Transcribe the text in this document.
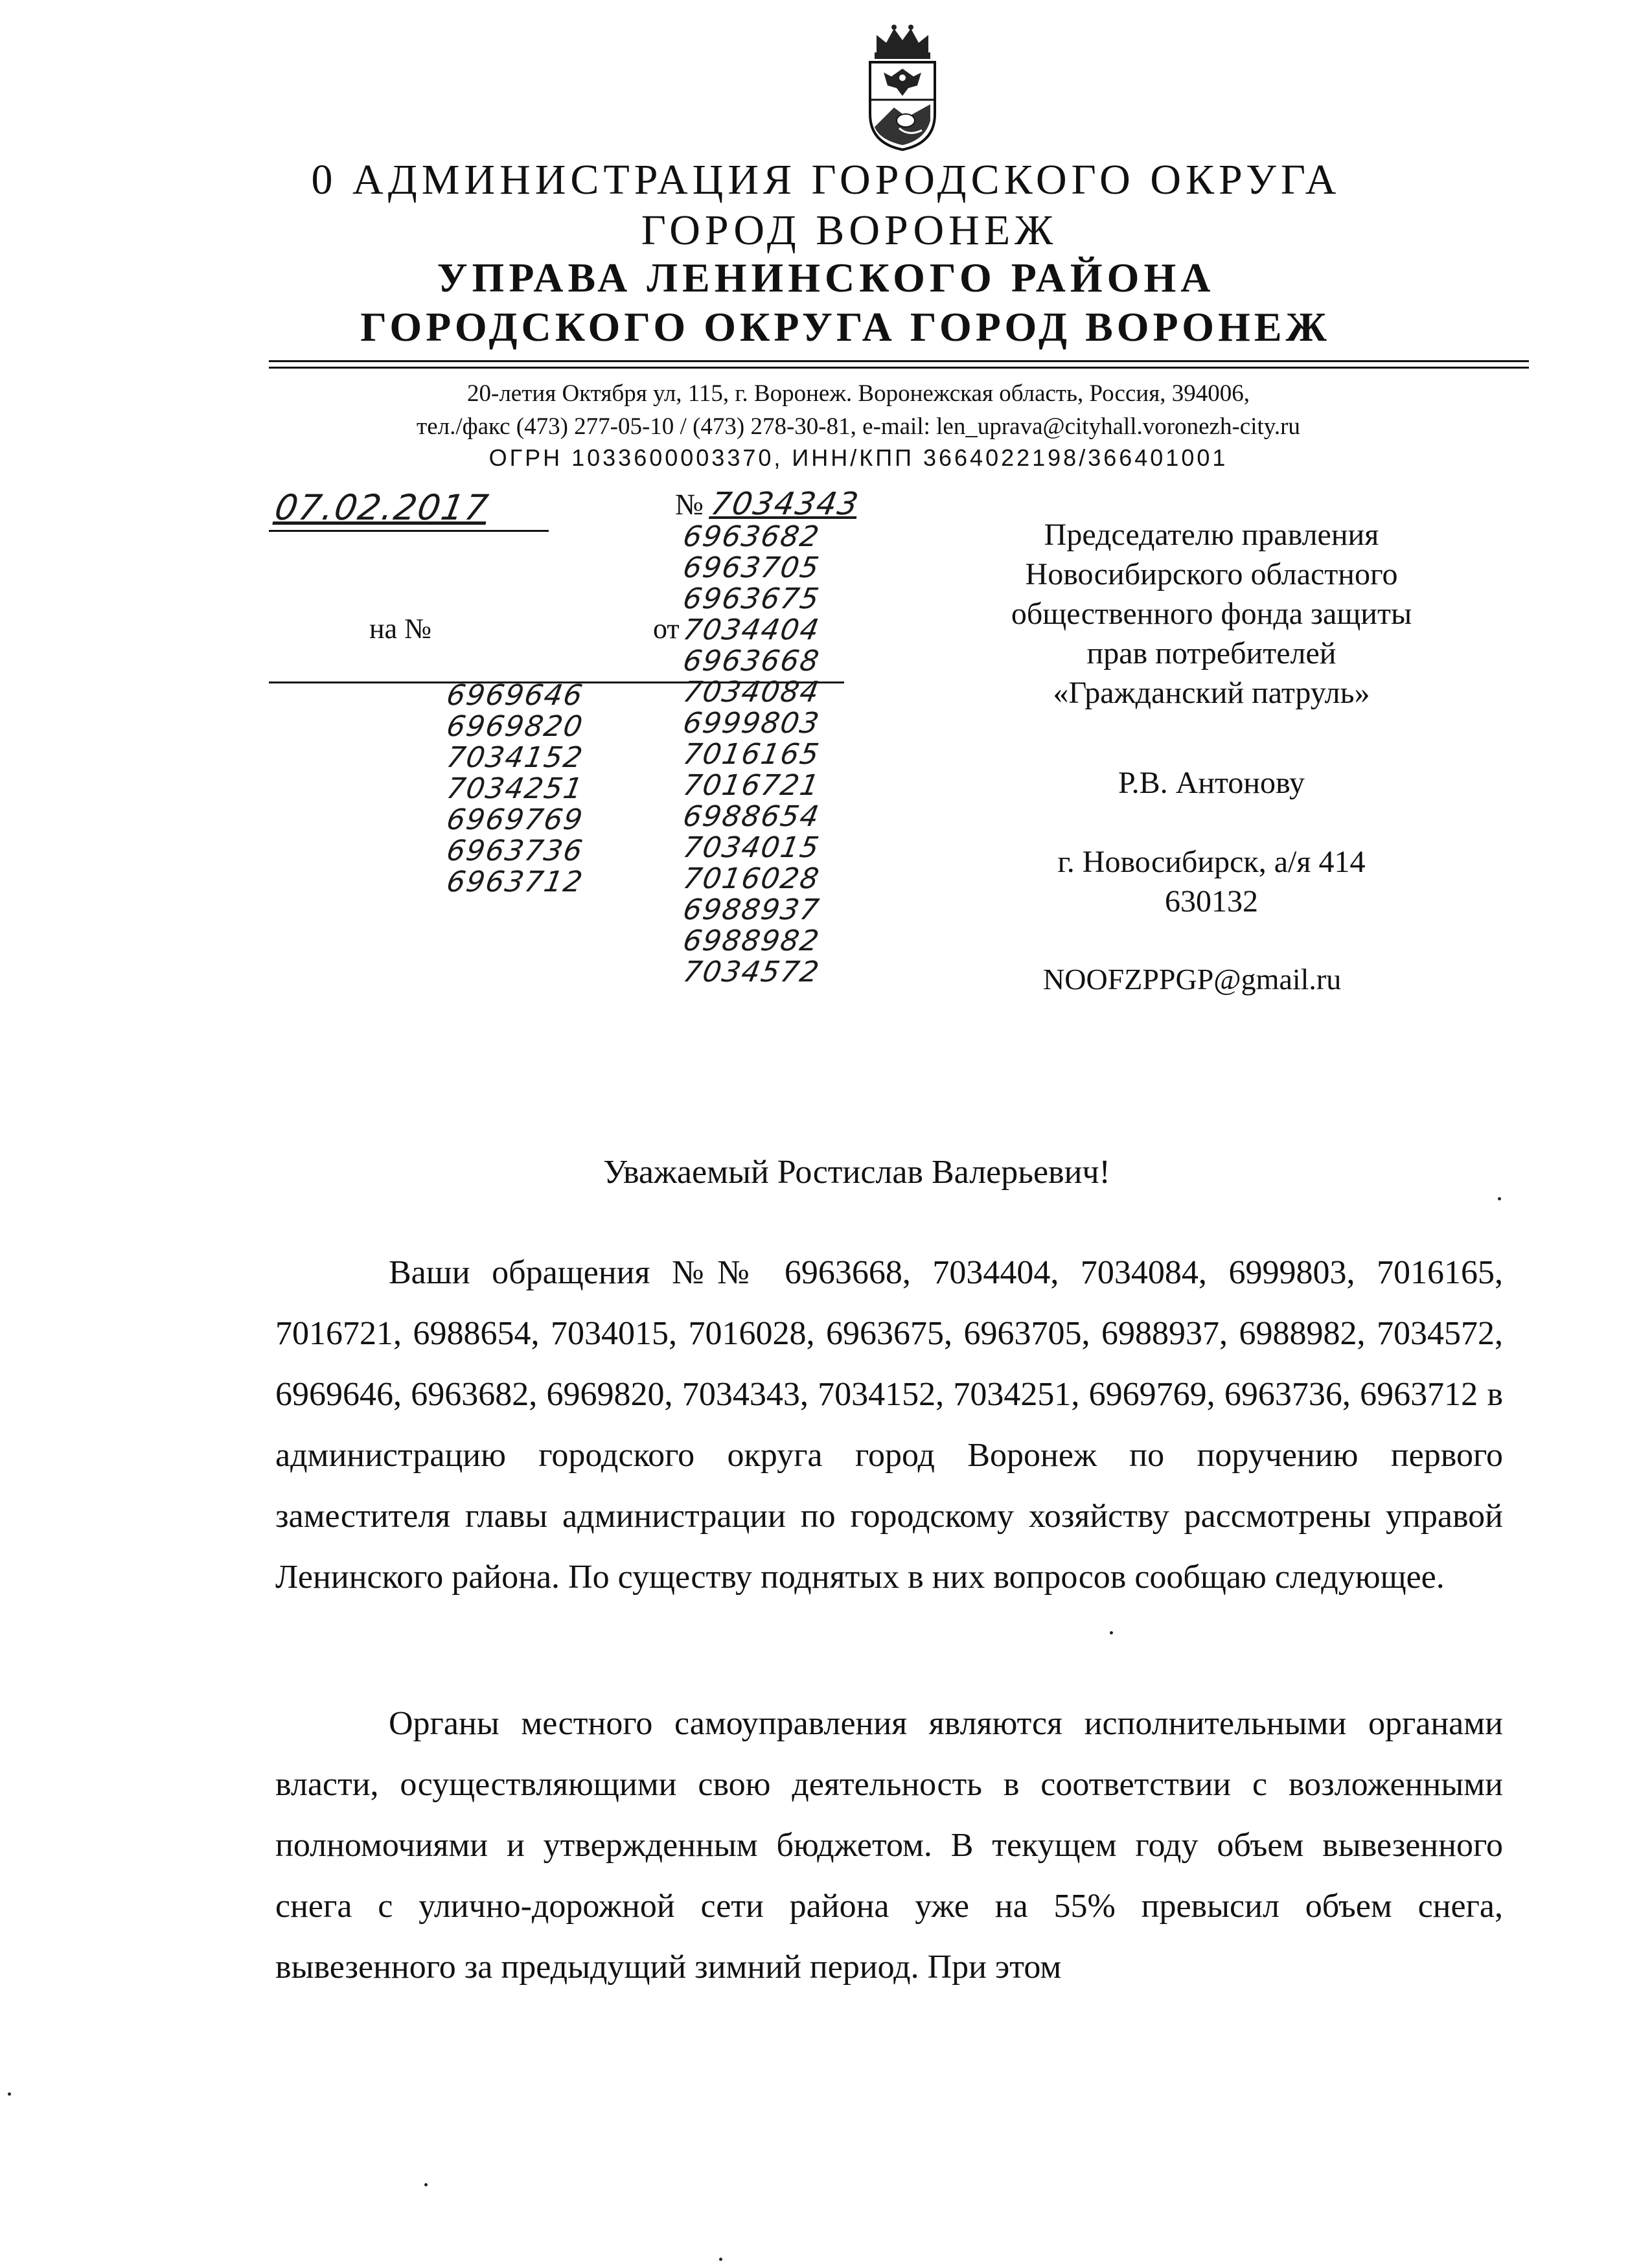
0 АДМИНИСТРАЦИЯ ГОРОДСКОГО ОКРУГА
ГОРОД ВОРОНЕЖ
УПРАВА ЛЕНИНСКОГО РАЙОНА
ГОРОДСКОГО ОКРУГА ГОРОД ВОРОНЕЖ
20-летия Октября ул, 115, г. Воронеж. Воронежская область, Россия, 394006,
тел./факс (473) 277-05-10 / (473) 278-30-81, e-mail: len_uprava@cityhall.voronezh-city.ru
ОГРН 1033600003370, ИНН/КПП 3664022198/366401001
07.02.2017	№ 7034343
на №	от
6969646
6969820
7034152
7034251
6969769
6963736
6963712
6963682
6963705
6963675
7034404
6963668
7034084
6999803
7016165
7016721
6988654
7034015
7016028
6988937
6988982
7034572
Председателю правления
Новосибирского областного
общественного фонда защиты
прав потребителей
«Гражданский патруль»
Р.В. Антонову
г. Новосибирск, а/я 414
630132
NOOFZPPGP@gmail.ru
Уважаемый Ростислав Валерьевич!
Ваши обращения №№ 6963668, 7034404, 7034084, 6999803, 7016165, 7016721, 6988654, 7034015, 7016028, 6963675, 6963705, 6988937, 6988982, 7034572, 6969646, 6963682, 6969820, 7034343, 7034152, 7034251, 6969769, 6963736, 6963712 в администрацию городского округа город Воронеж по поручению первого заместителя главы администрации по городскому хозяйству рассмотрены управой Ленинского района. По существу поднятых в них вопросов сообщаю следующее.
Органы местного самоуправления являются исполнительными органами власти, осуществляющими свою деятельность в соответствии с возложенными полномочиями и утвержденным бюджетом. В текущем году объем вывезенного снега с улично-дорожной сети района уже на 55% превысил объем снега, вывезенного за предыдущий зимний период. При этом
